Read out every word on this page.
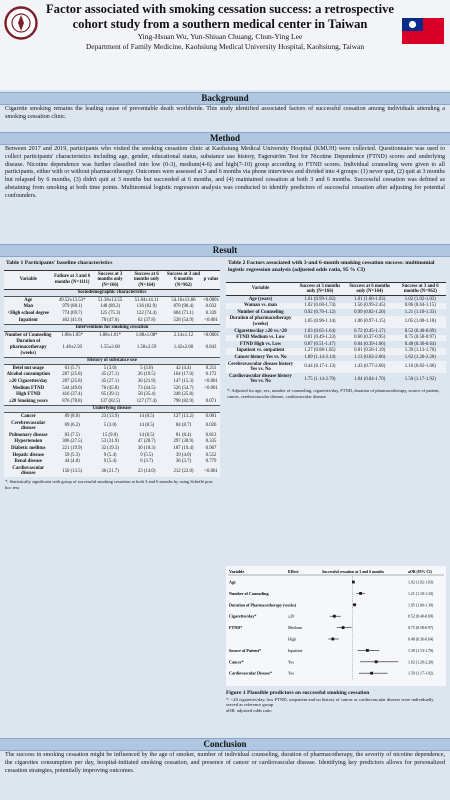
Factor associated with smoking cessation success: a retrospective
cohort study from a southern medical center in Taiwan
Ying-Hsuan Wu, Yun-Shiuan Chuang, Chun-Ying Lee
Department of Family Medicine, Kaohsiung Medical University Hospital, Kaohsiung, Taiwan
Background
Cigarette smoking remains the leading cause of preventable death worldwide. This study identified associated factors of successful cessation among individuals attending a smoking cessation clinic.
Method
Between 2017 and 2019, participants who visited the smoking cessation clinic at Kaohsiung Medical University Hospital (KMUH) were collected. Questionnaire was used to collect participants' characteristics including age, gender, educational status, substance use history, Fagerström Test for Nicotine Dependence (FTND) scores and underlying disease. Nicotine dependence was further classified into low (0-3), medium(4-6) and high(7-10) group according to FTND scores. Individual counseling were given to all participants, either with or without pharmacotherapy. Outcomes were assessed at 3 and 6 months via phone interviews and divided into 4 groups: (1) never quit, (2) quit at 3 months but relapsed by 6 months, (3) didn't quit at 3 months but succeeded at 6 months, and (4) maintained cessation at both 3 and 6 months. Successful cessation was defined as abstaining from smoking at both time points. Multinomial logistic regression analysis was conducted to identify predictors of successful cessation after adjusting for potential confounders.
Result
Table 1 Participants' baseline characteristics
Variable	Failure at 3 and 6 months (N=1111)	Success at 3 months only (N=166)	Success at 6 months only (N=164)	Success at 3 and 6 months (N=962)	p value
Sociodemographic characteristics					
Age	49.52±13.53*	51.38±13.55	51.84±14.11	54.16±13.66	<0.0001
Man	979 (88.1)	148 (89.2)	136 (82.9)	870 (90.4)	0.032
<High school degree	774 (69.7)	125 (75.3)	122 (74.4)	684 (71.1)	0.339
Inpatient	462 (41.6)	78 (47.0)	62 (37.8)	528 (54.9)	<0.001
Interventions for smoking cessation					
Number of Counseling	1.88±1.05*	1.88±1.01*	1.88±1.08*	2.14±1.12	<0.0001
Duration of pharmacotherapy (weeks)	1.48±2.50	1.55±2.68	1.58±2.59	1.42±2.60	0.843
History of substance use					
Betel nut usage	63 (5.7)	5 (3.0)	5 (3.0)	42 (4.4)	0.211
Alcohol consumption	287 (25.8)	45 (27.1)	36 (19.5)	164 (17.0)	0.172
≥20 Cigarettes/day	287 (25.8)	45 (27.1)	36 (21.9)	147 (15.3)	<0.001
Medium FTND	544 (49.0)	76 (45.8)	73 (44.5)	526 (54.7)	<0.001
High FTND	416 (37.4)	65 (39.1)	58 (35.4)	248 (25.8)	
≥20 Smoking years	876 (78.8)	137 (82.5)	127 (77.4)	798 (82.9)	0.071
Underlying disease					
Cancer	89 (8.0)	23 (13.9)	14 (8.5)	127 (13.2)	0.001
Cerebrovascular disease	69 (6.2)	5 (3.0)	14 (8.5)	84 (8.7)	0.020
Pulmonary disease	83 (7.5)	15 (9.0)	14 (8.5)	81 (8.4)	0.813
Hypertension	306 (27.5)	53 (31.9)	47 (28.7)	297 (30.9)	0.335
Diabetic mellitus	221 (19.9)	32 (19.3)	30 (18.3)	187 (19.4)	0.967
Hepatic disease	59 (5.3)	9 (5.4)	9 (5.5)	39 (4.0)	0.552
Renal disease	44 (4.0)	9 (5.4)	6 (3.7)	36 (3.7)	0.779
Cardiovascular disease	150 (13.5)	36 (21.7)	23 (14.0)	212 (22.0)	<0.001
*: Statistically significant with group of successful smoking cessation at both 3 and 6 months by using Scheffé post hoc test
Table 2 Factors associated with 3-and 6-month smoking cessation success: multinomial logistic regression analysis (adjusted odds ratio, 95 % CI)
Variable	Success at 3 months only (N=166)	Success at 6 months only (N=164)	Success at 3 and 6 months (N=962)
Age (years)	1.01 (0.99-1.02)	1.01 (1.00-1.03)	1.02 (1.02-1.03)
Woman vs. man	1.02 (0.60-1.74)	1.56 (0.99-2.45)	0.86 (0.64-1.15)
Number of Counseling	0.92 (0.76-1.12)	0.99 (0.82-1.20)	1.21 (1.10-1.33)
Duration of pharmacotherapy (weeks)	1.05 (0.96-1.14)	1.06 (0.97-1.15)	1.05 (1.00-1.10)
Cigarettes/day ≥20 vs.<20	1.03 (0.65-1.64)	0.72 (0.45-1.17)	0.52 (0.40-0.69)
FTND Medium vs. Low	0.81 (0.49-1.33)	0.60 (0.37-0.95)	0.75 (0.58-0.97)
FTND High vs. Low	0.87 (0.51-1.47)	0.64 (0.39-1.06)	0.48 (0.36-0.64)
Inpatient vs. outpatient	1.27 (0.88-1.85)	0.81 (0.56-1.19)	1.39 (1.13-1.70)
Cancer history Yes vs. No	1.89 (1.14-3.14)	1.13 (0.62-2.06)	1.62 (1.20-2.20)
Cerebrovascular disease history Yes vs. No	0.44 (0.17-1.13)	1.43 (0.77-2.68)	1.16 (0.82-1.66)
Cardiovascular disease history Yes vs. No	1.75 (1.14-2.70)	1.04 (0.64-1.70)	1.50 (1.17-1.92)
*: Adjusted for age, sex, number of counseling, cigarettes/day, FTND, duration of pharmacotherapy, source of patient, cancer, cerebrovascular disease, cardiovascular disease
Variable	Effect	Successful cessation at 3 and 6 months	aOR (95% CI)
Age	1.02 (1.02-1.03)
Number of Counseling	1.21 (1.10-1.33)
Duration of Pharmacotherapy (weeks)	1.05 (1.00-1.10)
Cigarettes/day*	≥20	0.52 (0.40-0.69)
FTND*	Medium	0.75 (0.58-0.97)
High	0.48 (0.36-0.64)
Source of Patient*	Inpatient	1.39 (1.13-1.70)
Cancer*	Yes	1.62 (1.20-2.20)
Cardiovascular Disease*	Yes	1.50 (1.17-1.92)
Figure 1 Plausible predictors on successful smoking cessation
*: <20 cigarettes/day, low FTND, outpatient and no history of cancer or cardiovascular disease were individually served as reference group
aOR: adjusted odds ratio
Conclusion
The success in smoking cessation might be influenced by the age of smoker, number of individual counseling, duration of pharmacotherapy, the severity of nicotine dependence, the cigarettes consumption per day, hospital-initiated smoking cessation, and presence of cancer or cardiovascular disease. Identifying key predictors allows for personalized cessation strategies, potentially improving outcomes.
